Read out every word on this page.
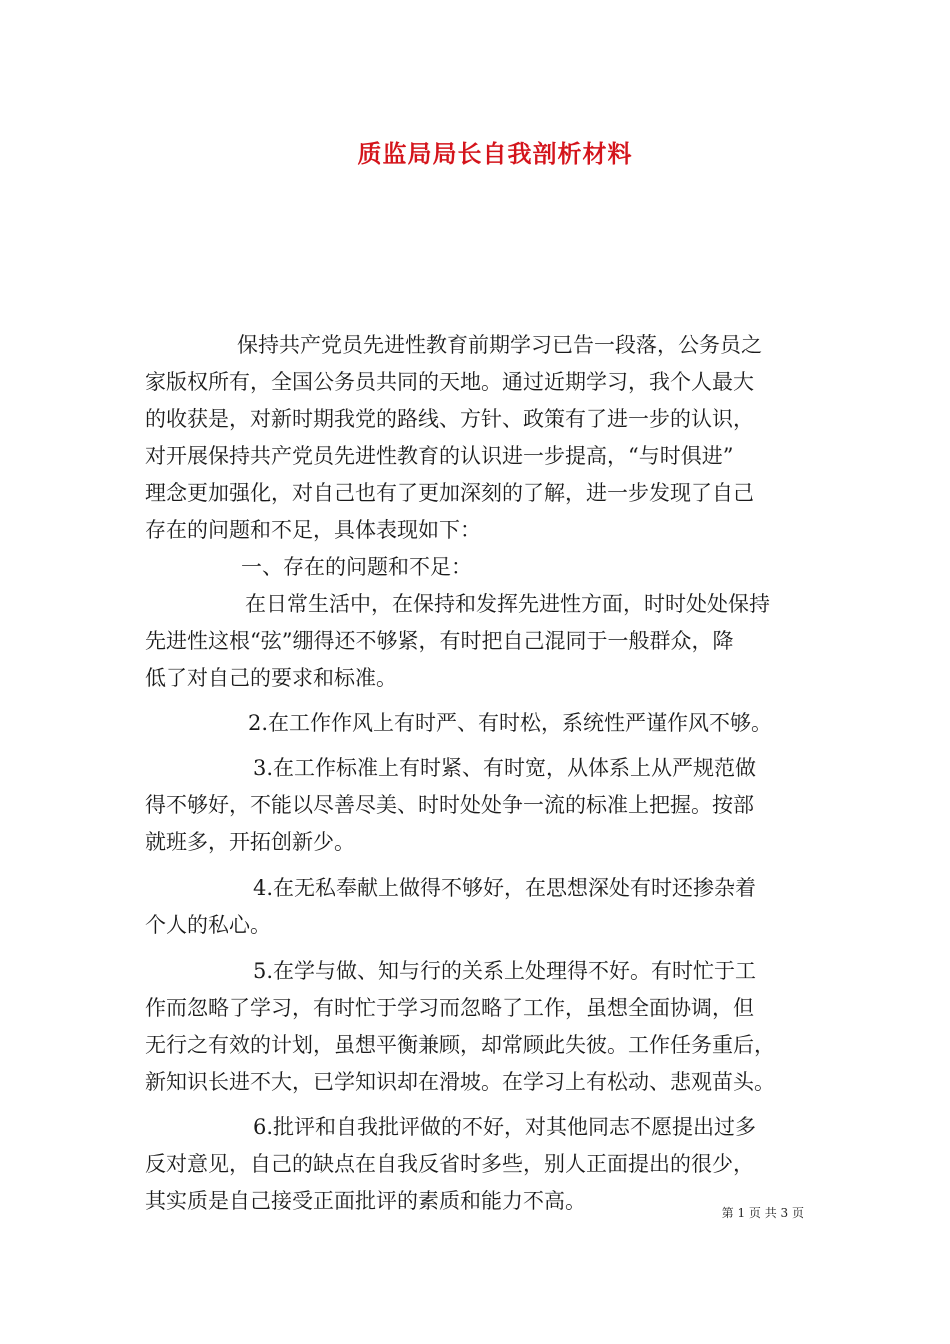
质监局局长自我剖析材料
保持共产党员先进性教育前期学习已告一段落，公务员之
家版权所有，全国公务员共同的天地。通过近期学习，我个人最大
的收获是，对新时期我党的路线、方针、政策有了进一步的认识，
对开展保持共产党员先进性教育的认识进一步提高，“与时俱进”
理念更加强化，对自己也有了更加深刻的了解，进一步发现了自己
存在的问题和不足，具体表现如下：
一、存在的问题和不足：
在日常生活中，在保持和发挥先进性方面，时时处处保持
先进性这根“弦”绷得还不够紧，有时把自己混同于一般群众，降
低了对自己的要求和标准。
2.在工作作风上有时严、有时松，系统性严谨作风不够。
3.在工作标准上有时紧、有时宽，从体系上从严规范做
得不够好，不能以尽善尽美、时时处处争一流的标准上把握。按部
就班多，开拓创新少。
4.在无私奉献上做得不够好，在思想深处有时还掺杂着
个人的私心。
5.在学与做、知与行的关系上处理得不好。有时忙于工
作而忽略了学习，有时忙于学习而忽略了工作，虽想全面协调，但
无行之有效的计划，虽想平衡兼顾，却常顾此失彼。工作任务重后，
新知识长进不大，已学知识却在滑坡。在学习上有松动、悲观苗头。
6.批评和自我批评做的不好，对其他同志不愿提出过多
反对意见，自己的缺点在自我反省时多些，别人正面提出的很少，
其实质是自己接受正面批评的素质和能力不高。	第 1 页 共 3 页
